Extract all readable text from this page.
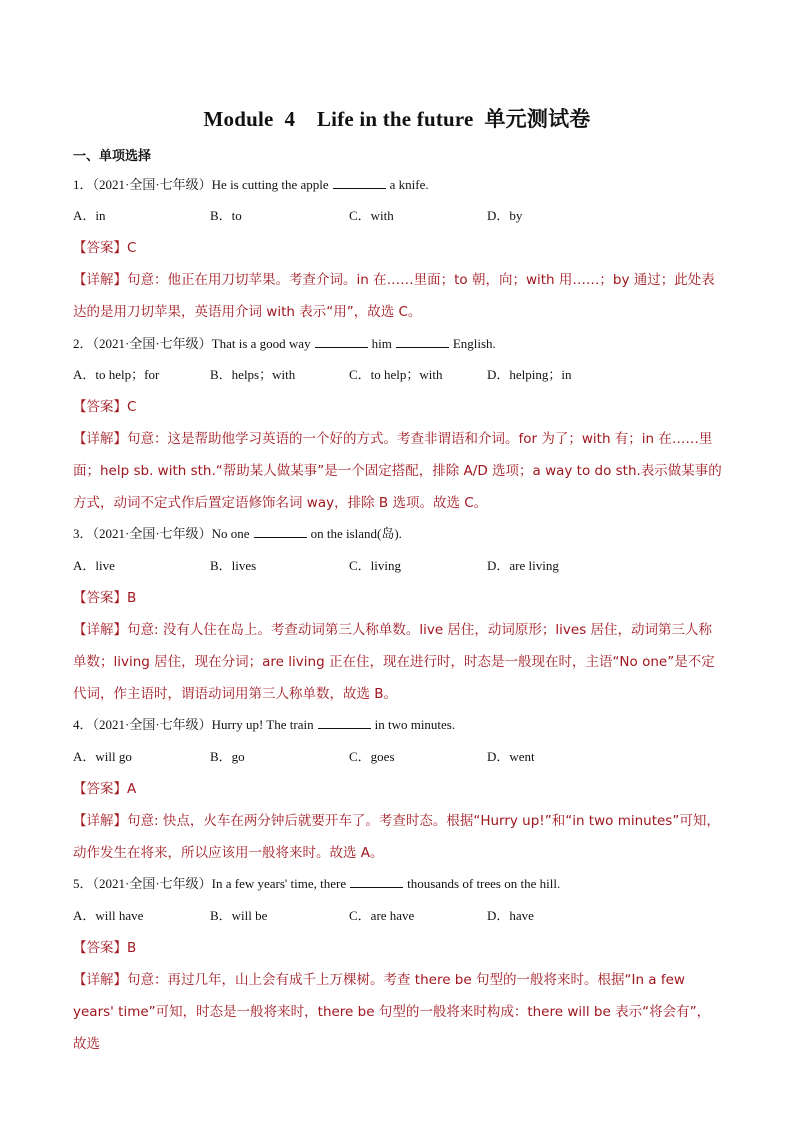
Module  4    Life in the future  单元测试卷
一、单项选择
1．（2021·全国·七年级）He is cutting the apple	a knife.
A．in	B．to	C．with	D．by
【答案】C
【详解】句意：他正在用刀切苹果。考查介词。in 在……里面；to 朝，向；with 用……；by 通过；此处表达的是用刀切苹果，英语用介词 with 表示“用”，故选 C。
2．（2021·全国·七年级）That is a good way	him	English.
A．to help；for	B．helps；with	C．to help；with	D．helping；in
【答案】C
【详解】句意：这是帮助他学习英语的一个好的方式。考查非谓语和介词。for 为了；with 有；in 在……里面；help sb. with sth.“帮助某人做某事”是一个固定搭配，排除 A/D 选项；a way to do sth.表示做某事的方式，动词不定式作后置定语修饰名词 way，排除 B 选项。故选 C。
3．（2021·全国·七年级）No one	on the island(岛).
A．live	B．lives	C．living	D．are living
【答案】B
【详解】句意: 没有人住在岛上。考查动词第三人称单数。live 居住，动词原形；lives 居住，动词第三人称单数；living 居住，现在分词；are living 正在住，现在进行时，时态是一般现在时，主语“No one”是不定代词，作主语时，谓语动词用第三人称单数，故选 B。
4．（2021·全国·七年级）Hurry up! The train	in two minutes.
A．will go	B．go	C．goes	D．went
【答案】A
【详解】句意: 快点，火车在两分钟后就要开车了。考查时态。根据“Hurry up!”和“in two minutes”可知，动作发生在将来，所以应该用一般将来时。故选 A。
5．（2021·全国·七年级）In a few years' time, there	thousands of trees on the hill.
A．will have	B．will be	C．are have	D．have
【答案】B
【详解】句意：再过几年，山上会有成千上万棵树。考查 there be 句型的一般将来时。根据“In a few years' time”可知，时态是一般将来时，there be 句型的一般将来时构成：there will be 表示“将会有”，故选
